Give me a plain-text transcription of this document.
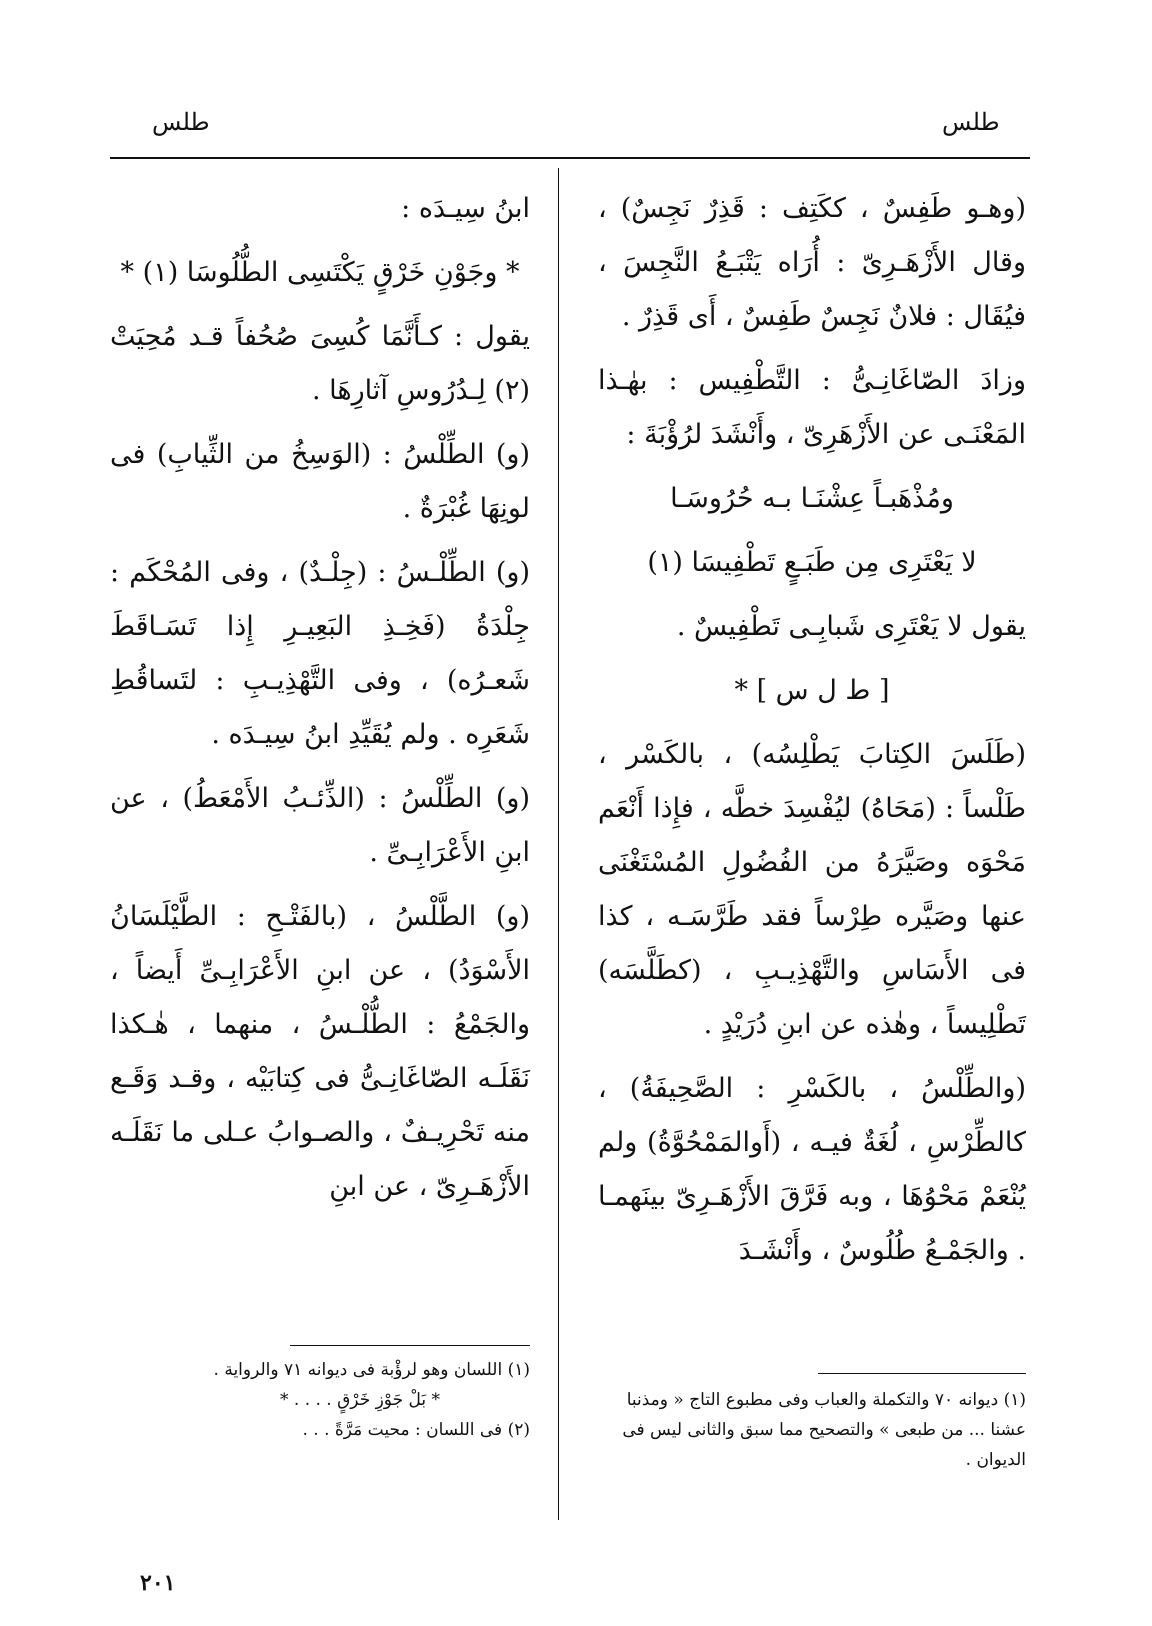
طلس	طلس

(وهـو طَفِسٌ ، ككَتِف : قَذِرٌ نَجِسٌ) ، وقال الأَزْهَـرِىّ : أُرَاه يَتْبَـعُ النَّجِسَ ، فيُقَال : فلانٌ نَجِسٌ طَفِسٌ ، أَى قَذِرٌ .

وزادَ الصّاغَانِـىُّ : التَّطْفِيس : بهٰـذا المَعْنَـى عن الأَزْهَرِىّ ، وأَنْشَدَ لرُؤْبَةَ :

ومُذْهَبـاً عِشْنَـا بـه حُرُوسَـا

لا يَعْتَرِى مِن طَبَـعٍ تَطْفِيسَا (١)

يقول لا يَعْتَرِى شَبابِـى تَطْفِيسٌ .

[ ط ل س ] *

(طَلَسَ الكِتابَ يَطْلِسُه) ، بالكَسْر ، طَلْساً : (مَحَاهُ) ليُفْسِدَ خطَّه ، فإِذا أَنْعَم مَحْوَه وصَيَّرَهُ من الفُضُولِ المُسْتَغْنَى عنها وصَيَّره طِرْساً فقد طَرَّسَـه ، كذا فى الأَسَاسِ والتَّهْذِيـبِ ، (كطَلَّسَه) تَطْلِيساً ، وهٰذه عن ابنِ دُرَيْدٍ .

(والطِّلْسُ ، بالكَسْرِ : الصَّحِيفَةُ) ، كالطِّرْسِ ، لُغَةٌ فيـه ، (أَوالمَمْحُوَّةُ) ولم يُنْعَمْ مَحْوُهَا ، وبه فَرَّقَ الأَزْهَـرِىّ بينَهمـا . والجَمْـعُ طُلُوسٌ ، وأَنْشَـدَ

ابنُ سِيـدَه :

* وجَوْنِ خَرْقٍ يَكْتَسِى الطُّلُوسَا (١) *

يقول : كـأَنَّمَا كُسِىَ صُحُفاً قـد مُحِيَتْ (٢) لِـدُرُوسِ آثارِهَا .

(و) الطِّلْسُ : (الوَسِخُ من الثِّيابِ) فى لونِهَا غُبْرَةٌ .

(و) الطِّلْـسُ : (جِلْـدٌ) ، وفى المُحْكَم : جِلْدَةُ (فَخِـذِ البَعِيـرِ إِذا تَسَـاقَطَ شَعـرُه) ، وفى التَّهْذِيـبِ : لتَساقُطِ شَعَرِه . ولم يُقَيِّدِ ابنُ سِيـدَه .

(و) الطِّلْسُ : (الذِّئـبُ الأَمْعَطُ) ، عن ابنِ الأَعْرَابِـىِّ .

(و) الطَّلْسُ ، (بالفَتْـحِ : الطَّيْلَسَانُ الأَسْوَدُ) ، عن ابنِ الأَعْرَابِـىِّ أَيضاً ، والجَمْعُ : الطُّلْـسُ ، منهما ، هٰـكذا نَقَلَـه الصّاغَانِـىُّ فى كِتابَيْه ، وقـد وَقَـع منه تَحْرِيـفٌ ، والصـوابُ عـلى ما نَقَلَـه الأَزْهَـرِىّ ، عن ابنِ

(١) اللسان وهو لرؤْبة فى ديوانه ٧١ والرواية .

* بَلْ جَوْزِ خَرْقٍ . . . . *

(٢) فى اللسان : محيت مَرَّةً . . .

(١) ديوانه ٧٠ والتكملة والعباب وفى مطبوع التاج « ومذنبا عشنا ... من طبعى » والتصحيح مما سبق والثانى ليس فى الديوان .

٢٠١
